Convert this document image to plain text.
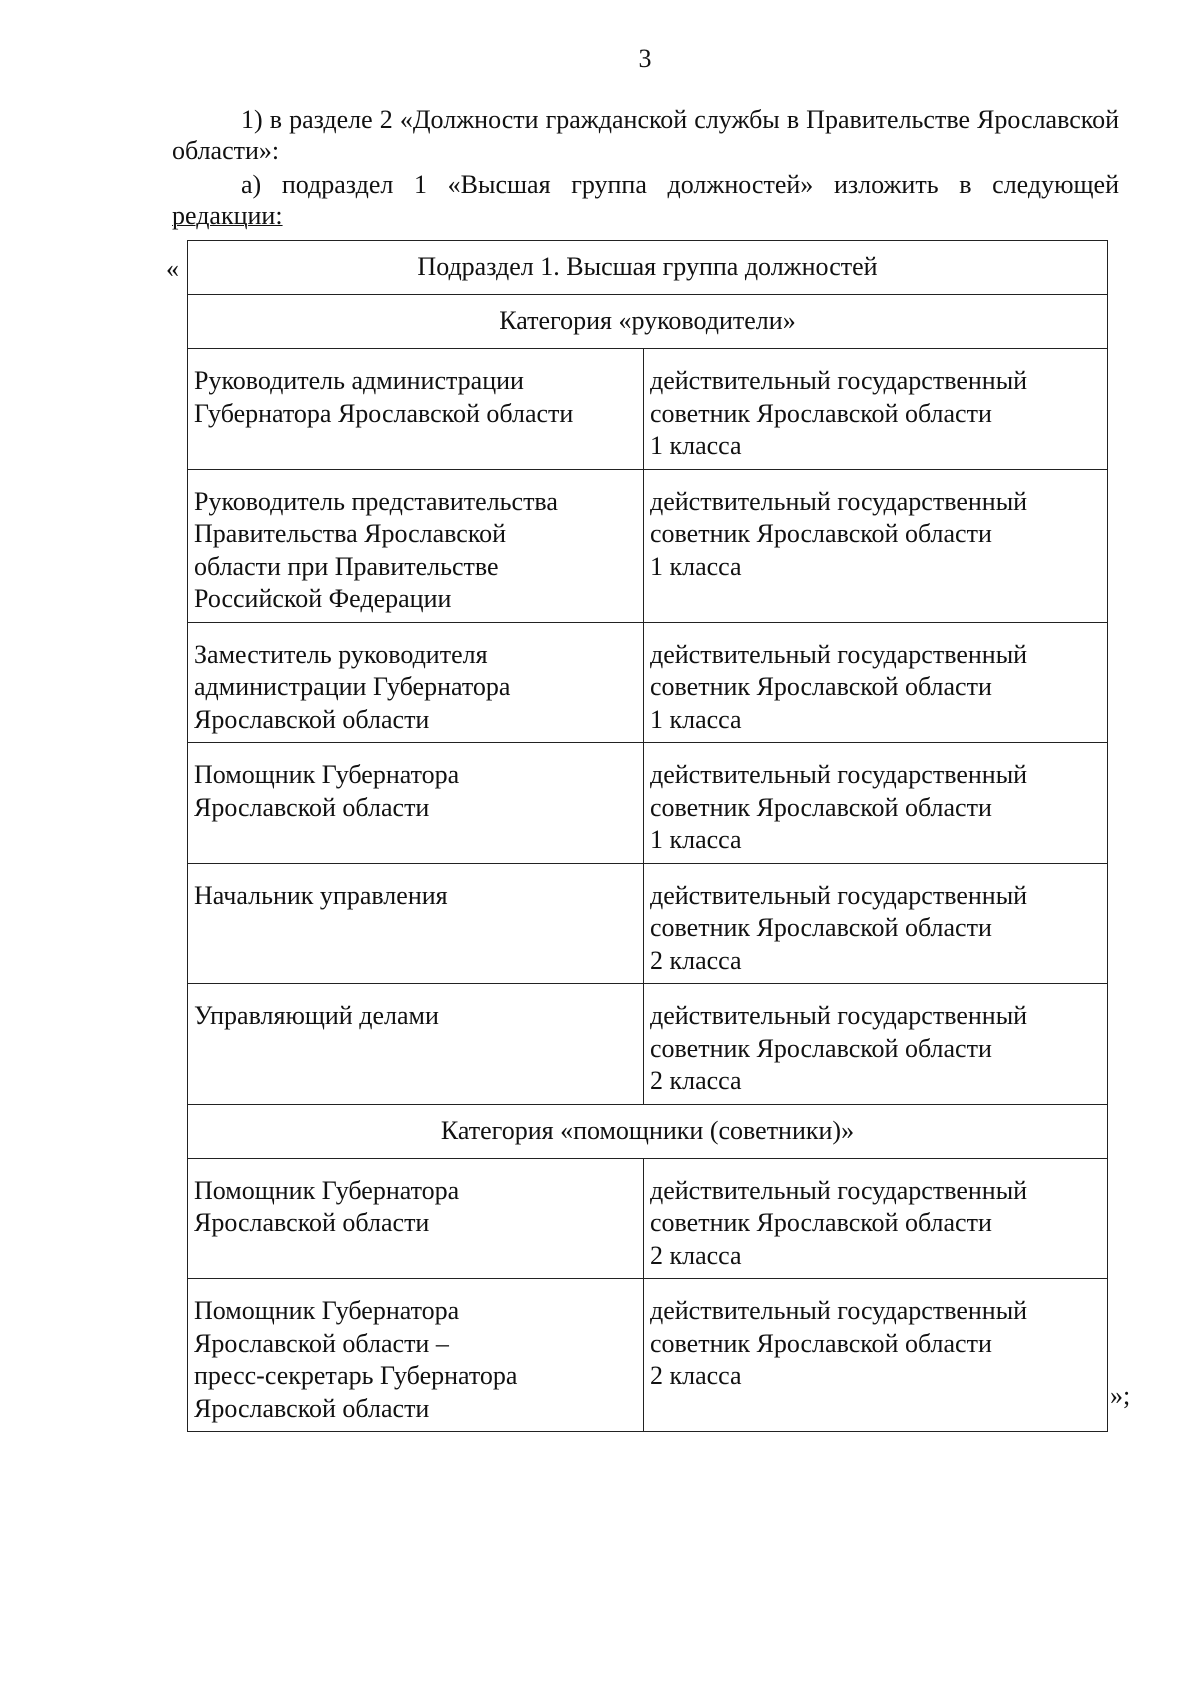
3
1) в разделе 2 «Должности гражданской службы в Правительстве Ярославской области»:
а) подраздел 1 «Высшая группа должностей» изложить в следующей редакции:
«	Подраздел 1. Высшая группа должностей	
Категория «руководители»	

Руководитель администрации
Губернатора Ярославской области	действительный государственный
советник Ярославской области
1 класса

Руководитель представительства
Правительства Ярославской
области при Правительстве
Российской Федерации	действительный государственный
советник Ярославской области
1 класса

Заместитель руководителя
администрации Губернатора
Ярославской области	действительный государственный
советник Ярославской области
1 класса

Помощник Губернатора
Ярославской области	действительный государственный
советник Ярославской области
1 класса

Начальник управления	действительный государственный
советник Ярославской области
2 класса

Управляющий делами	действительный государственный
советник Ярославской области
2 класса

Категория «помощники (советники)»	

Помощник Губернатора
Ярославской области	действительный государственный
советник Ярославской области
2 класса

Помощник Губернатора
Ярославской области –
пресс-секретарь Губернатора
Ярославской области	действительный государственный
советник Ярославской области
2 класса
»;
